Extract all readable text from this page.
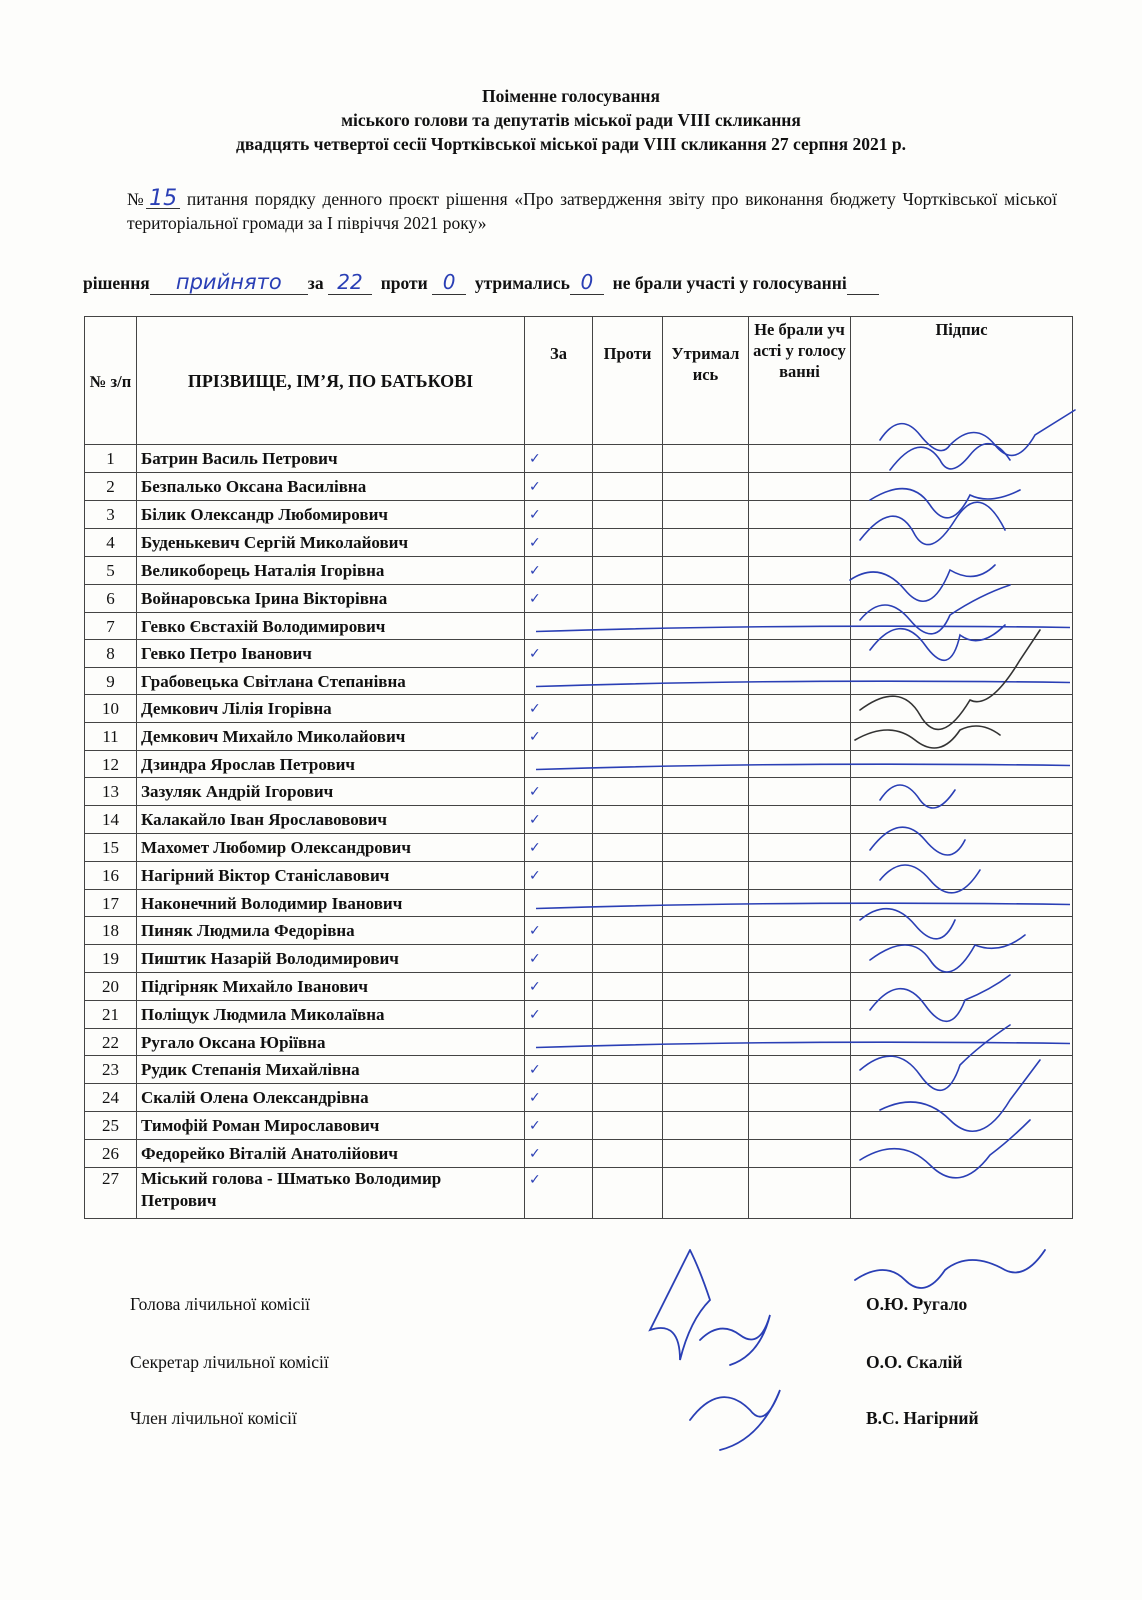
Поіменне голосування
міського голови та депутатів міської ради VIII скликання
двадцять четвертої сесії Чортківської міської ради VIII скликання 27 серпня 2021 р.
№ 15 питання порядку денного проєкт рішення «Про затвердження звіту про виконання бюджету Чортківської міської територіальної громади за І півріччя 2021 року»
рішення прийнято за 22 проти 0 утримались 0 не брали участі у голосуванні
№ з/п	ПРІЗВИЩЕ, ІМ’Я, ПО БАТЬКОВІ	За	Проти	Утримались	Не брали участі у голосуванні	Підпис
1	Батрин Василь Петрович	✓				
2	Безпалько Оксана Василівна	✓				
3	Білик Олександр Любомирович	✓				
4	Буденькевич Сергій Миколайович	✓				
5	Великоборець Наталія Ігорівна	✓				
6	Войнаровська Ірина Вікторівна	✓				
7	Гевко Євстахій Володимирович					
8	Гевко Петро Іванович	✓				
9	Грабовецька Світлана Степанівна					
10	Демкович Лілія Ігорівна	✓				
11	Демкович Михайло Миколайович	✓				
12	Дзиндра Ярослав Петрович					
13	Зазуляк Андрій Ігорович	✓				
14	Калакайло Іван Ярославовович	✓				
15	Махомет Любомир Олександрович	✓				
16	Нагірний Віктор Станіславович	✓				
17	Наконечний Володимир Іванович					
18	Пиняк Людмила Федорівна	✓				
19	Пиштик Назарій Володимирович	✓				
20	Підгірняк Михайло Іванович	✓				
21	Поліщук Людмила Миколаївна	✓				
22	Ругало Оксана Юріївна					
23	Рудик Степанія Михайлівна	✓				
24	Скалій Олена Олександрівна	✓				
25	Тимофій Роман Мирославович	✓				
26	Федорейко Віталій Анатолійович	✓				
27	Міський голова - Шматько Володимир Петрович	✓				
Голова лічильної комісії	О.Ю. Ругало
Секретар лічильної комісії	О.О. Скалій
Член лічильної комісії	В.С. Нагірний
